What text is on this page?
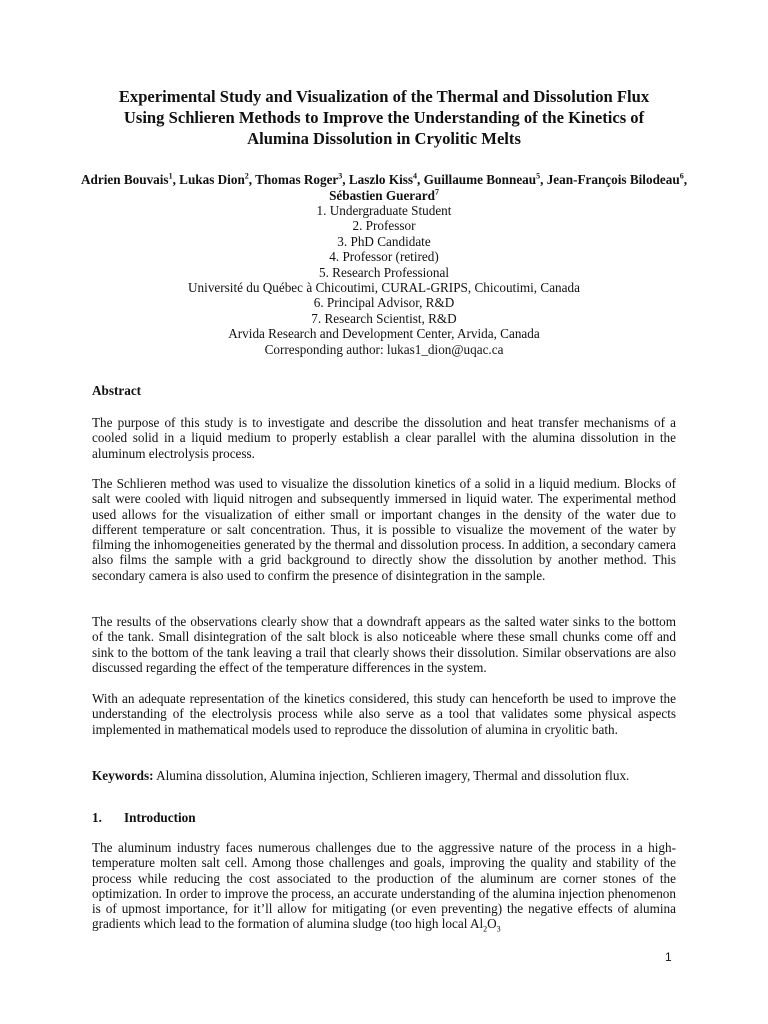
Experimental Study and Visualization of the Thermal and Dissolution Flux
Using Schlieren Methods to Improve the Understanding of the Kinetics of
Alumina Dissolution in Cryolitic Melts
Adrien Bouvais$^1$, Lukas Dion$^2$, Thomas Roger$^3$, Laszlo Kiss$^4$, Guillaume Bonneau$^5$, Jean-François Bilodeau$^6$, Sébastien Guerard$^7$
1. Undergraduate Student
2. Professor
3. PhD Candidate
4. Professor (retired)
5. Research Professional
Université du Québec à Chicoutimi, CURAL-GRIPS, Chicoutimi, Canada
6. Principal Advisor, R&D
7. Research Scientist, R&D
Arvida Research and Development Center, Arvida, Canada
Corresponding author: lukas1_dion@uqac.ca
Abstract

The purpose of this study is to investigate and describe the dissolution and heat transfer mechanisms of a cooled solid in a liquid medium to properly establish a clear parallel with the alumina dissolution in the aluminum electrolysis process.

The Schlieren method was used to visualize the dissolution kinetics of a solid in a liquid medium. Blocks of salt were cooled with liquid nitrogen and subsequently immersed in liquid water. The experimental method used allows for the visualization of either small or important changes in the density of the water due to different temperature or salt concentration. Thus, it is possible to visualize the movement of the water by filming the inhomogeneities generated by the thermal and dissolution process. In addition, a secondary camera also films the sample with a grid background to directly show the dissolution by another method. This secondary camera is also used to confirm the presence of disintegration in the sample.

The results of the observations clearly show that a downdraft appears as the salted water sinks to the bottom of the tank. Small disintegration of the salt block is also noticeable where these small chunks come off and sink to the bottom of the tank leaving a trail that clearly shows their dissolution. Similar observations are also discussed regarding the effect of the temperature differences in the system.

With an adequate representation of the kinetics considered, this study can henceforth be used to improve the understanding of the electrolysis process while also serve as a tool that validates some physical aspects implemented in mathematical models used to reproduce the dissolution of alumina in cryolitic bath.

Keywords: Alumina dissolution, Alumina injection, Schlieren imagery, Thermal and dissolution flux.

1. Introduction

The aluminum industry faces numerous challenges due to the aggressive nature of the process in a high-temperature molten salt cell. Among those challenges and goals, improving the quality and stability of the process while reducing the cost associated to the production of the aluminum are corner stones of the optimization. In order to improve the process, an accurate understanding of the alumina injection phenomenon is of upmost importance, for it’ll allow for mitigating (or even preventing) the negative effects of alumina gradients which lead to the formation of alumina sludge (too high local $Al_2O_3$

1
